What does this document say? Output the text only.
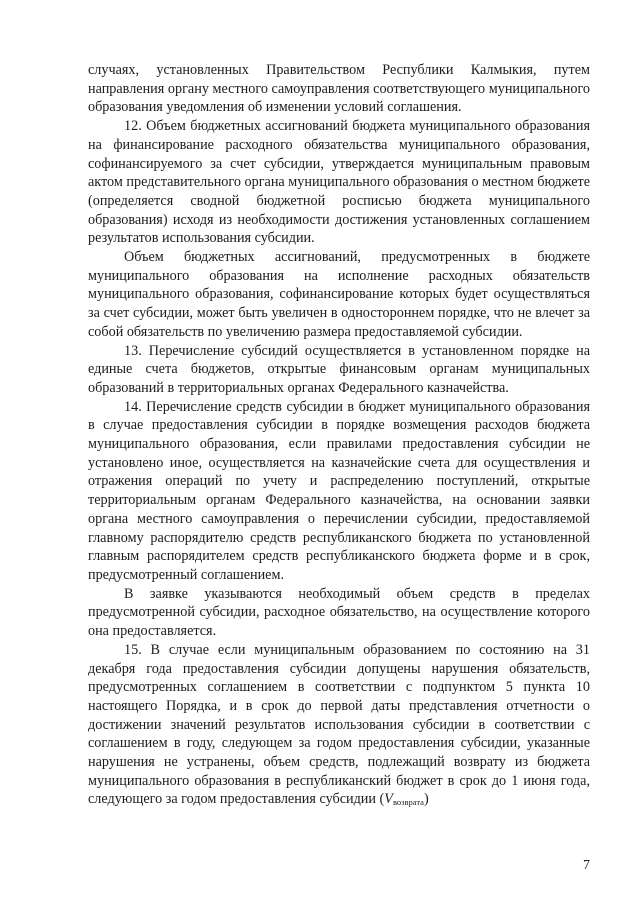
случаях, установленных Правительством Республики Калмыкия, путем направления органу местного самоуправления соответствующего муниципального образования уведомления об изменении условий соглашения.

12. Объем бюджетных ассигнований бюджета муниципального образования на финансирование расходного обязательства муниципального образования, софинансируемого за счет субсидии, утверждается муниципальным правовым актом представительного органа муниципального образования о местном бюджете (определяется сводной бюджетной росписью бюджета муниципального образования) исходя из необходимости достижения установленных соглашением результатов использования субсидии.

Объем бюджетных ассигнований, предусмотренных в бюджете муниципального образования на исполнение расходных обязательств муниципального образования, софинансирование которых будет осуществляться за счет субсидии, может быть увеличен в одностороннем порядке, что не влечет за собой обязательств по увеличению размера предоставляемой субсидии.

13. Перечисление субсидий осуществляется в установленном порядке на единые счета бюджетов, открытые финансовым органам муниципальных образований в территориальных органах Федерального казначейства.

14. Перечисление средств субсидии в бюджет муниципального образования в случае предоставления субсидии в порядке возмещения расходов бюджета муниципального образования, если правилами предоставления субсидии не установлено иное, осуществляется на казначейские счета для осуществления и отражения операций по учету и распределению поступлений, открытые территориальным органам Федерального казначейства, на основании заявки органа местного самоуправления о перечислении субсидии, предоставляемой главному распорядителю средств республиканского бюджета по установленной главным распорядителем средств республиканского бюджета форме и в срок, предусмотренный соглашением.

В заявке указываются необходимый объем средств в пределах предусмотренной субсидии, расходное обязательство, на осуществление которого она предоставляется.

15. В случае если муниципальным образованием по состоянию на 31 декабря года предоставления субсидии допущены нарушения обязательств, предусмотренных соглашением в соответствии с подпунктом 5 пункта 10 настоящего Порядка, и в срок до первой даты представления отчетности о достижении значений результатов использования субсидии в соответствии с соглашением в году, следующем за годом предоставления субсидии, указанные нарушения не устранены, объем средств, подлежащий возврату из бюджета муниципального образования в республиканский бюджет в срок до 1 июня года, следующего за годом предоставления субсидии $(V_{возврата})$

7
